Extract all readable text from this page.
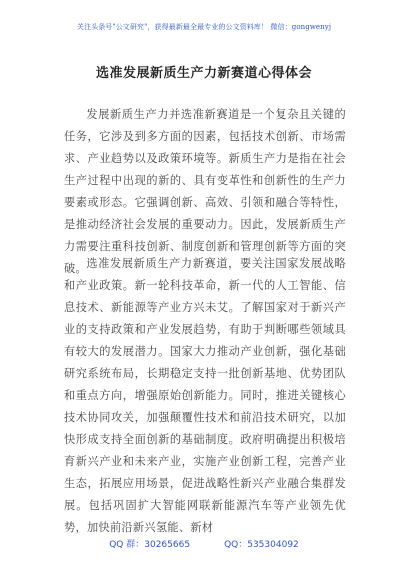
关注头条号"公文研究"，获得最新最全最专业的公文资料库！ 微信：gongwenyj
选准发展新质生产力新赛道心得体会

发展新质生产力并选准新赛道是一个复杂且关键的任务，它涉及到多方面的因素，包括技术创新、市场需求、产业趋势以及政策环境等。新质生产力是指在社会生产过程中出现的新的、具有变革性和创新性的生产力要素或形态。它强调创新、高效、引领和融合等特性，是推动经济社会发展的重要动力。因此，发展新质生产力需要注重科技创新、制度创新和管理创新等方面的突破。 选准发展新质生产力新赛道，要关注国家发展战略和产业政策。新一轮科技革命，新一代的人工智能、信息技术、新能源等产业方兴未艾。了解国家对于新兴产业的支持政策和产业发展趋势，有助于判断哪些领域具有较大的发展潜力。国家大力推动产业创新，强化基础研究系统布局，长期稳定支持一批创新基地、优势团队和重点方向，增强原始创新能力。同时，推进关键核心技术协同攻关，加强颠覆性技术和前沿技术研究，以加快形成支持全面创新的基础制度。政府明确提出积极培育新兴产业和未来产业，实施产业创新工程，完善产业生态，拓展应用场景，促进战略性新兴产业融合集群发展。包括巩固扩大智能网联新能源汽车等产业领先优势，加快前沿新兴氢能、新材

QQ 群：30265665	QQ：535304092
